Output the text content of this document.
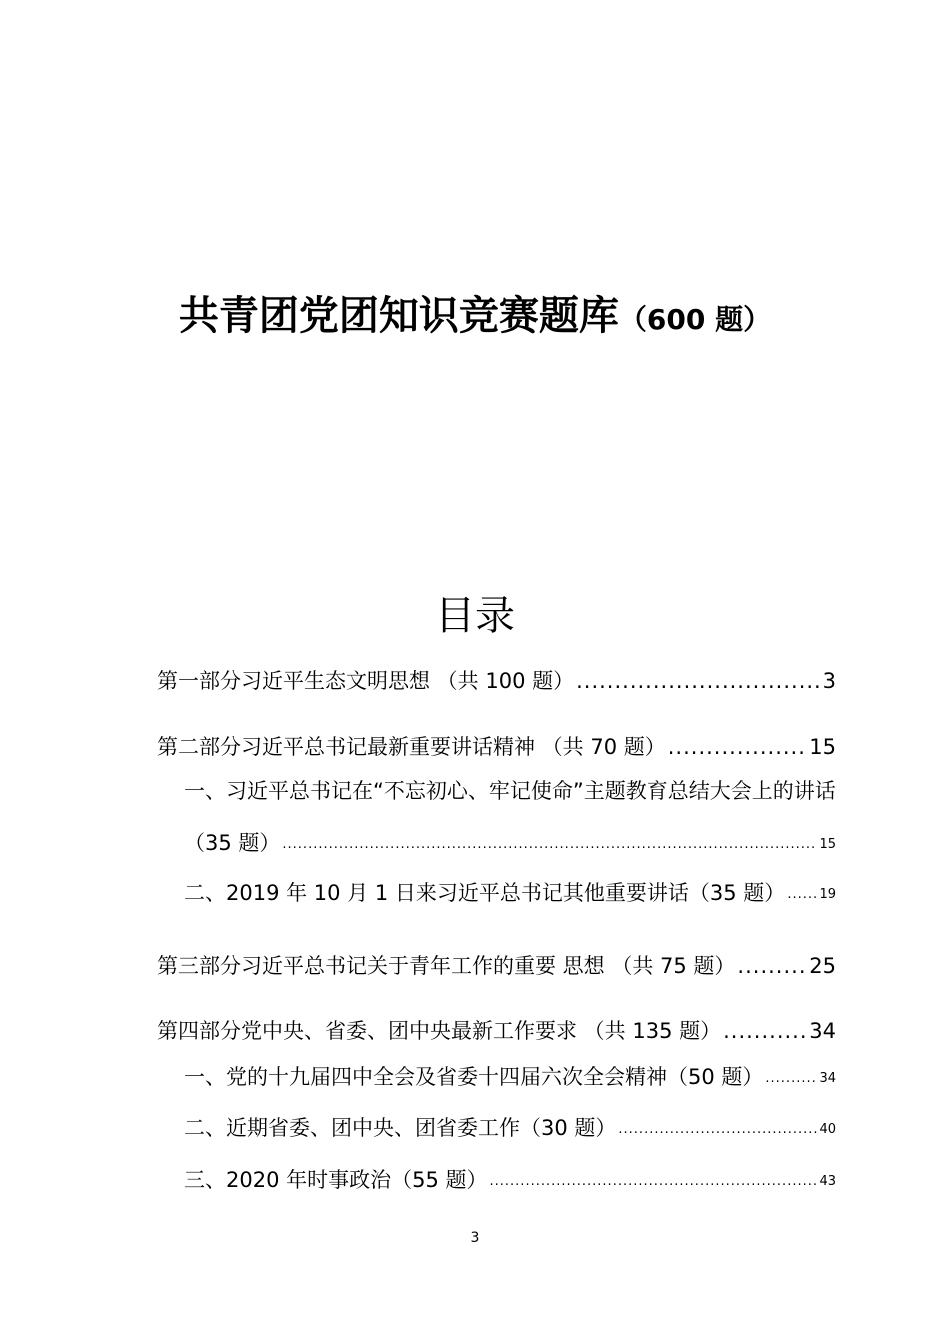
共青团党团知识竞赛题库（600 题）
目录
第一部分习近平生态文明思想 （共 100 题） .....	3
第二部分习近平总书记最新重要讲话精神 （共 70 题） .....	15
一、习近平总书记在“不忘初心、牢记使命”主题教育总结大会上的讲话
（35 题） .....	15
二、2019 年 10 月 1 日来习近平总书记其他重要讲话（35 题） .....	19
第三部分习近平总书记关于青年工作的重要 思想 （共 75 题） .....	25
第四部分党中央、省委、团中央最新工作要求 （共 135 题） .....	34
一、党的十九届四中全会及省委十四届六次全会精神（50 题） .....	34
二、近期省委、团中央、团省委工作（30 题） .....	40
三、2020 年时事政治（55 题） .....	43
3
